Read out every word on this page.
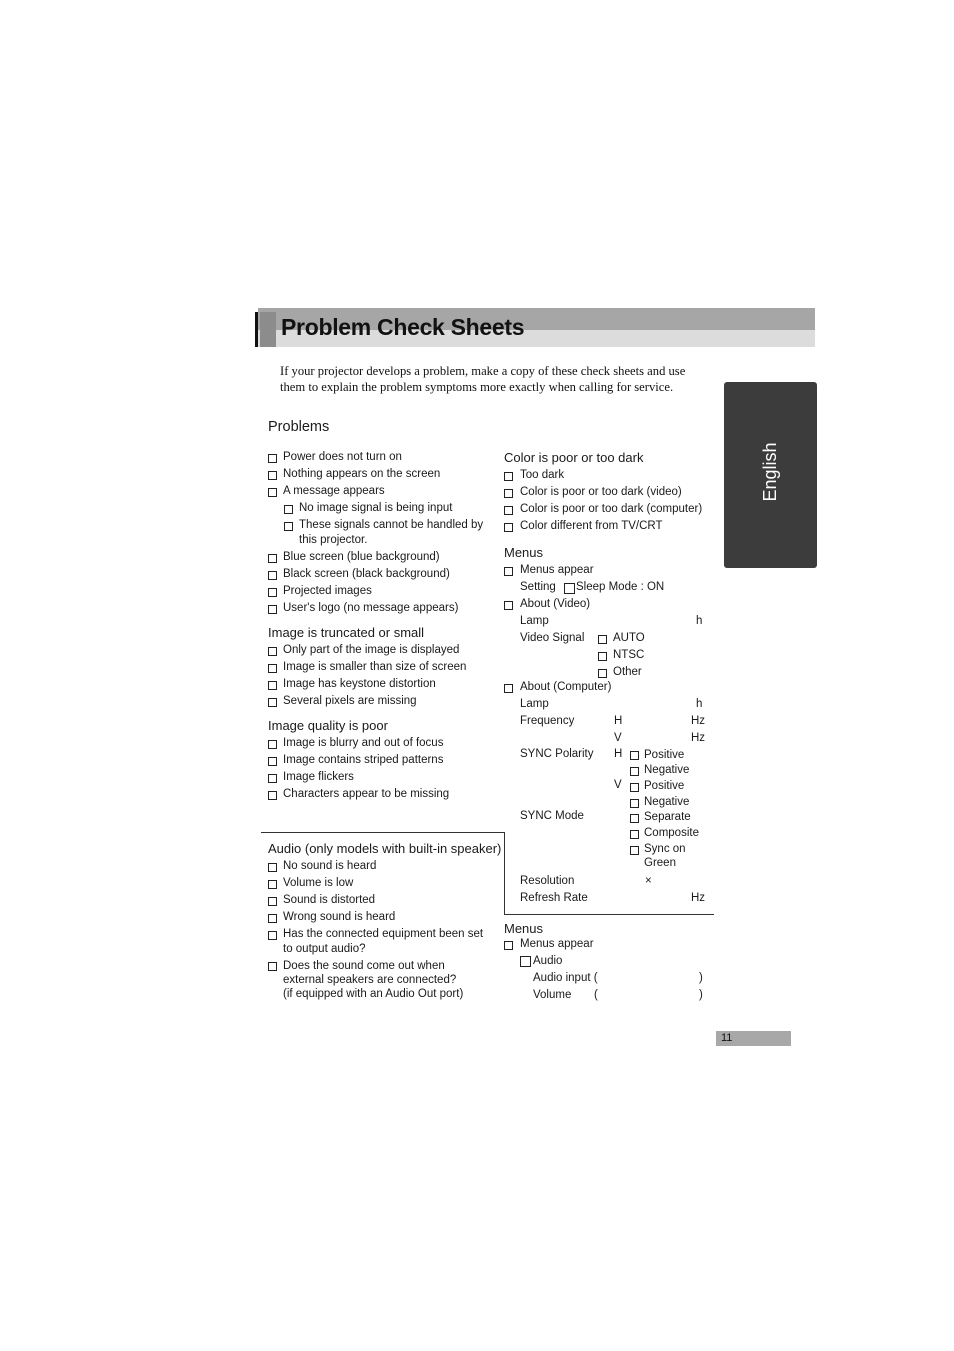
Problem Check Sheets
If your projector develops a problem, make a copy of these check sheets and use them to explain the problem symptoms more exactly when calling for service.
English
Problems
Power does not turn on
Nothing appears on the screen
A message appears
No image signal is being input
These signals cannot be handled by
this projector.
Blue screen (blue background)
Black screen (black background)
Projected images
User's logo (no message appears)
Image is truncated or small
Only part of the image is displayed
Image is smaller than size of screen
Image has keystone distortion
Several pixels are missing
Image quality is poor
Image is blurry and out of focus
Image contains striped patterns
Image flickers
Characters appear to be missing
Audio (only models with built-in speaker)
No sound is heard
Volume is low
Sound is distorted
Wrong sound is heard
Has the connected equipment been set
to output audio?
Does the sound come out when
external speakers are connected?
(if equipped with an Audio Out port)
Color is poor or too dark
Too dark
Color is poor or too dark (video)
Color is poor or too dark (computer)
Color different from TV/CRT
Menus
Menus appear
Setting Sleep Mode : ON
About (Video)
Lamp	h
Video Signal AUTO
NTSC
Other
About (Computer)
Lamp	h
Frequency	H	Hz
V	Hz
SYNC Polarity H Positive
Negative
V Positive
Negative
SYNC Mode	Separate
Composite
Sync on
Green
Resolution	×
Refresh Rate	Hz
Menus
Menus appear
Audio
Audio input (	)
Volume (	)
11
